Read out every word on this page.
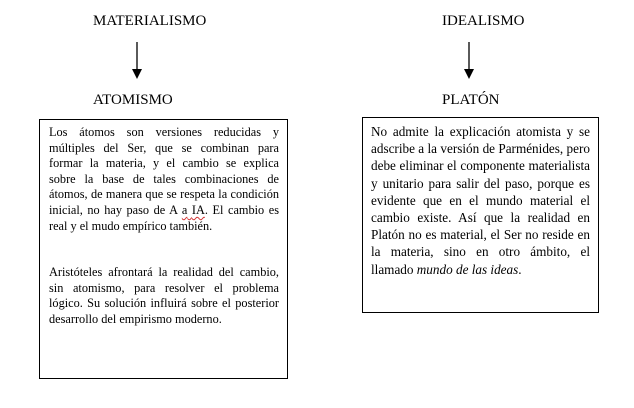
MATERIALISMO
ATOMISMO

Los átomos son versiones reducidas y múltiples del Ser, que se combinan para formar la materia, y el cambio se explica sobre la base de tales combinaciones de átomos, de manera que se respeta la condición inicial, no hay paso de A a IA. El cambio es real y el mudo empírico también.

Aristóteles afrontará la realidad del cambio, sin atomismo, para resolver el problema lógico. Su solución influirá sobre el posterior desarrollo del empirismo moderno.

IDEALISMO
PLATÓN

No admite la explicación atomista y se adscribe a la versión de Parménides, pero debe eliminar el componente materialista y unitario para salir del paso, porque es evidente que en el mundo material el cambio existe. Así que la realidad en Platón no es material, el Ser no reside en la materia, sino en otro ámbito, el llamado mundo de las ideas.
